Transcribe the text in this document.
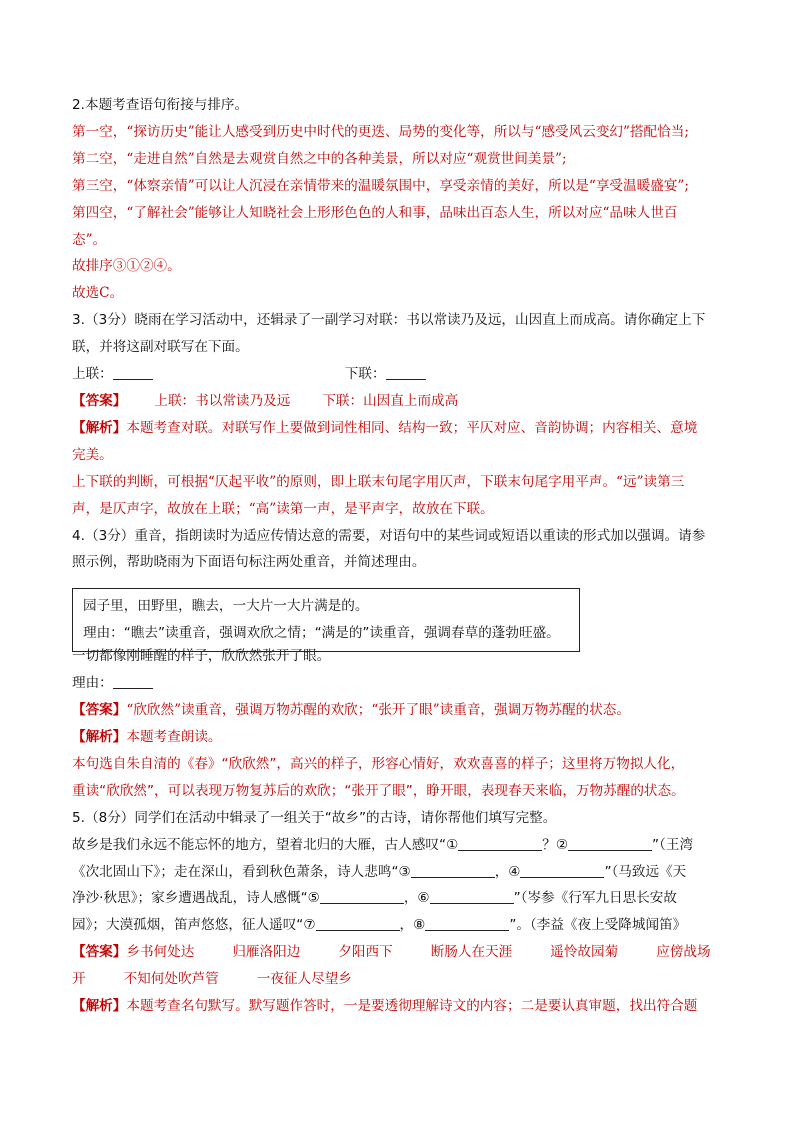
2.本题考查语句衔接与排序。
第一空，“探访历史”能让人感受到历史中时代的更迭、局势的变化等，所以与“感受风云变幻”搭配恰当;
第二空，“走进自然”自然是去观赏自然之中的各种美景，所以对应“观赏世间美景”;
第三空，“体察亲情”可以让人沉浸在亲情带来的温暖氛围中，享受亲情的美好，所以是“享受温暖盛宴”;
第四空，“了解社会”能够让人知晓社会上形形色色的人和事，品味出百态人生，所以对应“品味人世百
态”。
故排序③①②④。
故选C。
3.（3分）晓雨在学习活动中，还辑录了一副学习对联：书以常读乃及远，山因直上而成高。请你确定上下
联，并将这副对联写在下面。
上联：	下联：
【答案】 上联：书以常读乃及远 下联：山因直上而成高
【解析】本题考查对联。对联写作上要做到词性相同、结构一致；平仄对应、音韵协调；内容相关、意境
完美。
上下联的判断，可根据“仄起平收”的原则，即上联末句尾字用仄声，下联末句尾字用平声。“远”读第三
声，是仄声字，故放在上联；“高”读第一声，是平声字，故放在下联。
4.（3分）重音，指朗读时为适应传情达意的需要，对语句中的某些词或短语以重读的形式加以强调。请参
照示例，帮助晓雨为下面语句标注两处重音，并简述理由。
一切都像刚睡醒的样子，欣欣然张开了眼。
理由：
【答案】“欣欣然”读重音，强调万物苏醒的欢欣；“张开了眼”读重音，强调万物苏醒的状态。
【解析】本题考查朗读。
本句选自朱自清的《春》“欣欣然”，高兴的样子，形容心情好，欢欢喜喜的样子；这里将万物拟人化，
重读“欣欣然”，可以表现万物复苏后的欢欣；“张开了眼”，睁开眼，表现春天来临，万物苏醒的状态。
5.（8分）同学们在活动中辑录了一组关于“故乡”的古诗，请你帮他们填写完整。
故乡是我们永远不能忘怀的地方，望着北归的大雁，古人感叹“①	？②	”（王湾
《次北固山下》；走在深山，看到秋色萧条，诗人悲鸣“③	，④	”（马致远《天
净沙·秋思》；家乡遭遇战乱，诗人感慨“⑤	，⑥	”（岑参《行军九日思长安故
园》；大漠孤烟，笛声悠悠，征人遥叹“⑦	，⑧	”。（李益《夜上受降城闻笛》
【答案】乡书何处达	归雁洛阳边	夕阳西下	断肠人在天涯	遥怜故园菊	应傍战场
开	不知何处吹芦管	一夜征人尽望乡
【解析】本题考查名句默写。默写题作答时，一是要透彻理解诗文的内容；二是要认真审题，找出符合题
园子里，田野里，瞧去，一大片一大片满是的。
理由：“瞧去”读重音，强调欢欣之情；“满是的”读重音，强调春草的蓬勃旺盛。
